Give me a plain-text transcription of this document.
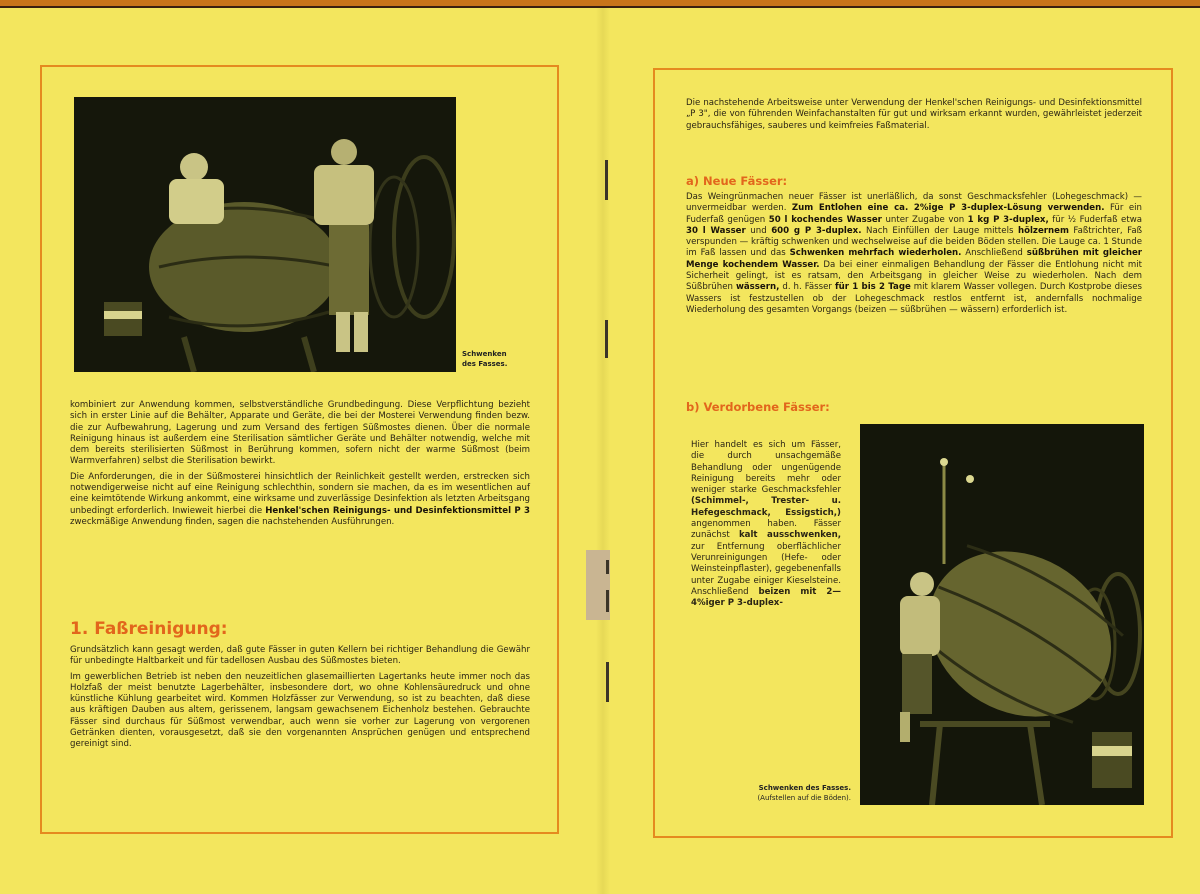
Schwenken
des Fasses.

kombiniert zur Anwendung kommen, selbstverständliche Grundbedingung. Diese Verpflichtung bezieht sich in erster Linie auf die Behälter, Apparate und Geräte, die bei der Mosterei Verwendung finden bezw. die zur Aufbewahrung, Lagerung und zum Versand des fertigen Süßmostes dienen. Über die normale Reinigung hinaus ist außerdem eine Sterilisation sämtlicher Geräte und Behälter notwendig, welche mit dem bereits sterilisierten Süßmost in Berührung kommen, sofern nicht der warme Süßmost (beim Warmverfahren) selbst die Sterilisation bewirkt.

Die Anforderungen, die in der Süßmosterei hinsichtlich der Reinlichkeit gestellt werden, erstrecken sich notwendigerweise nicht auf eine Reinigung schlechthin, sondern sie machen, da es im wesentlichen auf eine keimtötende Wirkung ankommt, eine wirksame und zuverlässige Desinfektion als letzten Arbeitsgang unbedingt erforderlich. Inwieweit hierbei die Henkel'schen Reinigungs- und Desinfektionsmittel P 3 zweckmäßige Anwendung finden, sagen die nachstehenden Ausführungen.

1. Faßreinigung:

Grundsätzlich kann gesagt werden, daß gute Fässer in guten Kellern bei richtiger Behandlung die Gewähr für unbedingte Haltbarkeit und für tadellosen Ausbau des Süßmostes bieten.

Im gewerblichen Betrieb ist neben den neuzeitlichen glasemaillierten Lagertanks heute immer noch das Holzfaß der meist benutzte Lagerbehälter, insbesondere dort, wo ohne Kohlensäuredruck und ohne künstliche Kühlung gearbeitet wird. Kommen Holzfässer zur Verwendung, so ist zu beachten, daß diese aus kräftigen Dauben aus altem, gerissenem, langsam gewachsenem Eichenholz bestehen. Gebrauchte Fässer sind durchaus für Süßmost verwendbar, auch wenn sie vorher zur Lagerung von vergorenen Getränken dienten, vorausgesetzt, daß sie den vorgenannten Ansprüchen genügen und entsprechend gereinigt sind.

Die nachstehende Arbeitsweise unter Verwendung der Henkel'schen Reinigungs- und Desinfektionsmittel „P 3", die von führenden Weinfachanstalten für gut und wirksam erkannt wurden, gewährleistet jederzeit gebrauchsfähiges, sauberes und keimfreies Faßmaterial.
a) Neue Fässer:
Das Weingrünmachen neuer Fässer ist unerläßlich, da sonst Geschmacksfehler (Lohegeschmack) — unvermeidbar werden. Zum Entlohen eine ca. 2%ige P 3-duplex-Lösung verwenden. Für ein Fuderfaß genügen 50 l kochendes Wasser unter Zugabe von 1 kg P 3-duplex, für ½ Fuderfaß etwa 30 l Wasser und 600 g P 3-duplex. Nach Einfüllen der Lauge mittels hölzernem Faßtrichter, Faß verspunden — kräftig schwenken und wechselweise auf die beiden Böden stellen. Die Lauge ca. 1 Stunde im Faß lassen und das Schwenken mehrfach wiederholen. Anschließend süßbrühen mit gleicher Menge kochendem Wasser. Da bei einer einmaligen Behandlung der Fässer die Entlohung nicht mit Sicherheit gelingt, ist es ratsam, den Arbeitsgang in gleicher Weise zu wiederholen. Nach dem Süßbrühen wässern, d. h. Fässer für 1 bis 2 Tage mit klarem Wasser vollegen. Durch Kostprobe dieses Wassers ist festzustellen ob der Lohegeschmack restlos entfernt ist, andernfalls nochmalige Wiederholung des gesamten Vorgangs (beizen — süßbrühen — wässern) erforderlich ist.
b) Verdorbene Fässer:
Hier handelt es sich um Fässer, die durch unsachgemäße Behandlung oder ungenügende Reinigung bereits mehr oder weniger starke Geschmacksfehler (Schimmel-, Trester- u. Hefegeschmack, Essigstich,) angenommen haben. Fässer zunächst kalt ausschwenken, zur Entfernung oberflächlicher Verunreinigungen (Hefe- oder Weinsteinpflaster), gegebenenfalls unter Zugabe einiger Kieselsteine. Anschließend beizen mit 2—4%iger P 3-duplex-
Schwenken des Fasses.
(Aufstellen auf die Böden).
